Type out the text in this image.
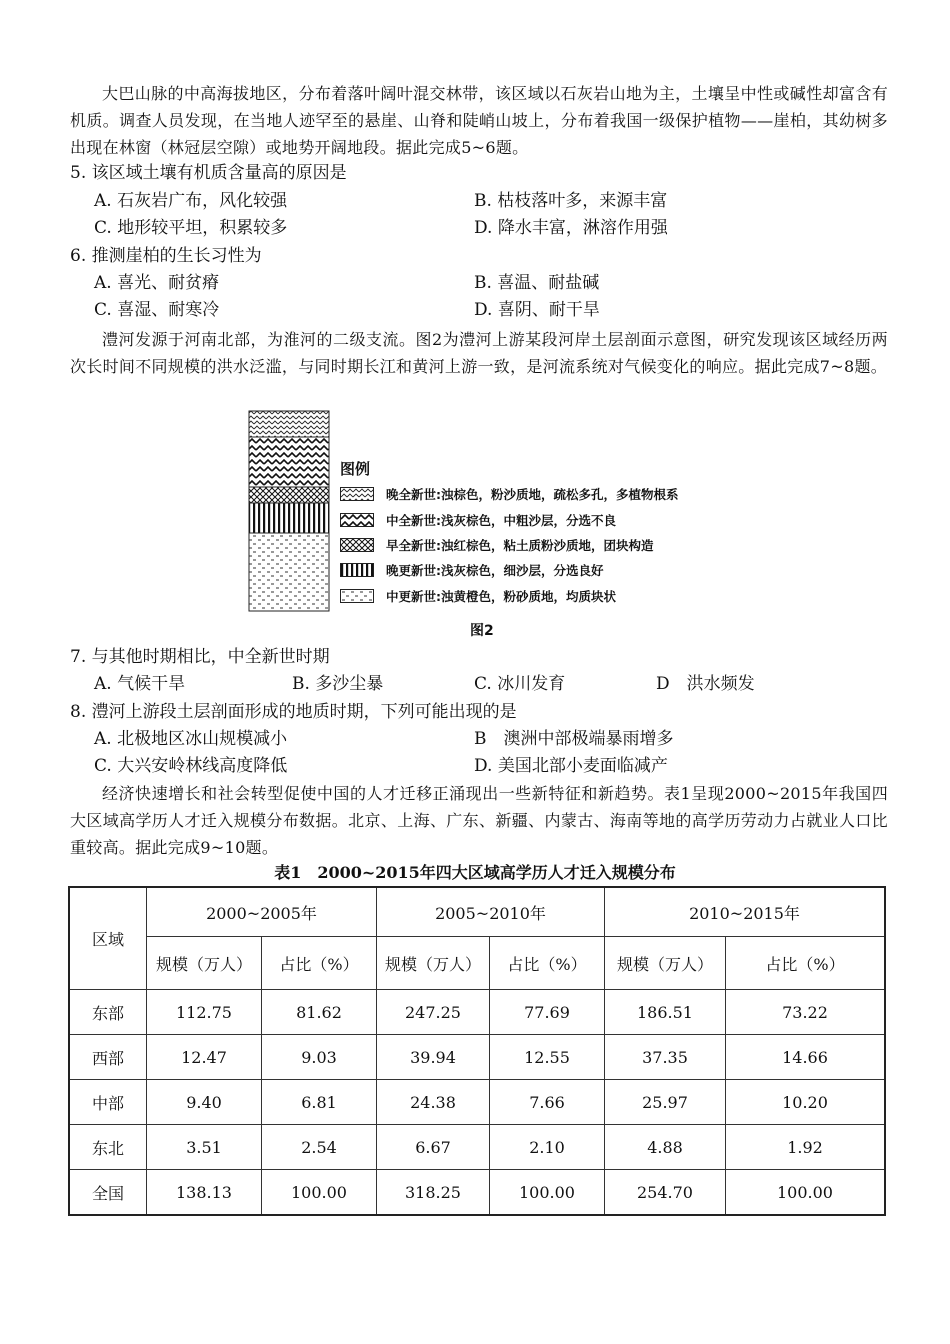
大巴山脉的中高海拔地区，分布着落叶阔叶混交林带，该区域以石灰岩山地为主，土壤呈中性或碱性却富含有机质。调查人员发现，在当地人迹罕至的悬崖、山脊和陡峭山坡上，分布着我国一级保护植物——崖柏，其幼树多出现在林窗（林冠层空隙）或地势开阔地段。据此完成5~6题。
5. 该区域土壤有机质含量高的原因是
A. 石灰岩广布，风化较强	B. 枯枝落叶多，来源丰富
C. 地形较平坦，积累较多	D. 降水丰富，淋溶作用强
6. 推测崖柏的生长习性为
A. 喜光、耐贫瘠	B. 喜温、耐盐碱
C. 喜湿、耐寒冷	D. 喜阴、耐干旱
澧河发源于河南北部，为淮河的二级支流。图2为澧河上游某段河岸土层剖面示意图，研究发现该区域经历两次长时间不同规模的洪水泛滥，与同时期长江和黄河上游一致，是河流系统对气候变化的响应。据此完成7~8题。
图例
晚全新世:浊棕色，粉沙质地，疏松多孔，多植物根系
中全新世:浅灰棕色，中粗沙层，分选不良
早全新世:浊红棕色，粘土质粉沙质地，团块构造
晚更新世:浅灰棕色，细沙层，分选良好
中更新世:浊黄橙色，粉砂质地，均质块状
图2
7. 与其他时期相比，中全新世时期
A. 气候干旱	B. 多沙尘暴	C. 冰川发育	D　洪水频发
8. 澧河上游段土层剖面形成的地质时期，下列可能出现的是
A. 北极地区冰山规模减小	B　澳洲中部极端暴雨增多
C. 大兴安岭林线高度降低	D. 美国北部小麦面临减产
经济快速增长和社会转型促使中国的人才迁移正涌现出一些新特征和新趋势。表1呈现2000~2015年我国四大区域高学历人才迁入规模分布数据。北京、上海、广东、新疆、内蒙古、海南等地的高学历劳动力占就业人口比重较高。据此完成9~10题。
表1　2000~2015年四大区域高学历人才迁入规模分布
区域	2000~2005年		2005~2010年		2010~2015年	
	规模（万人）	占比（%）	规模（万人）	占比（%）	规模（万人）	占比（%）
东部	112.75	81.62	247.25	77.69	186.51	73.22
西部	12.47	9.03	39.94	12.55	37.35	14.66
中部	9.40	6.81	24.38	7.66	25.97	10.20
东北	3.51	2.54	6.67	2.10	4.88	1.92
全国	138.13	100.00	318.25	100.00	254.70	100.00
